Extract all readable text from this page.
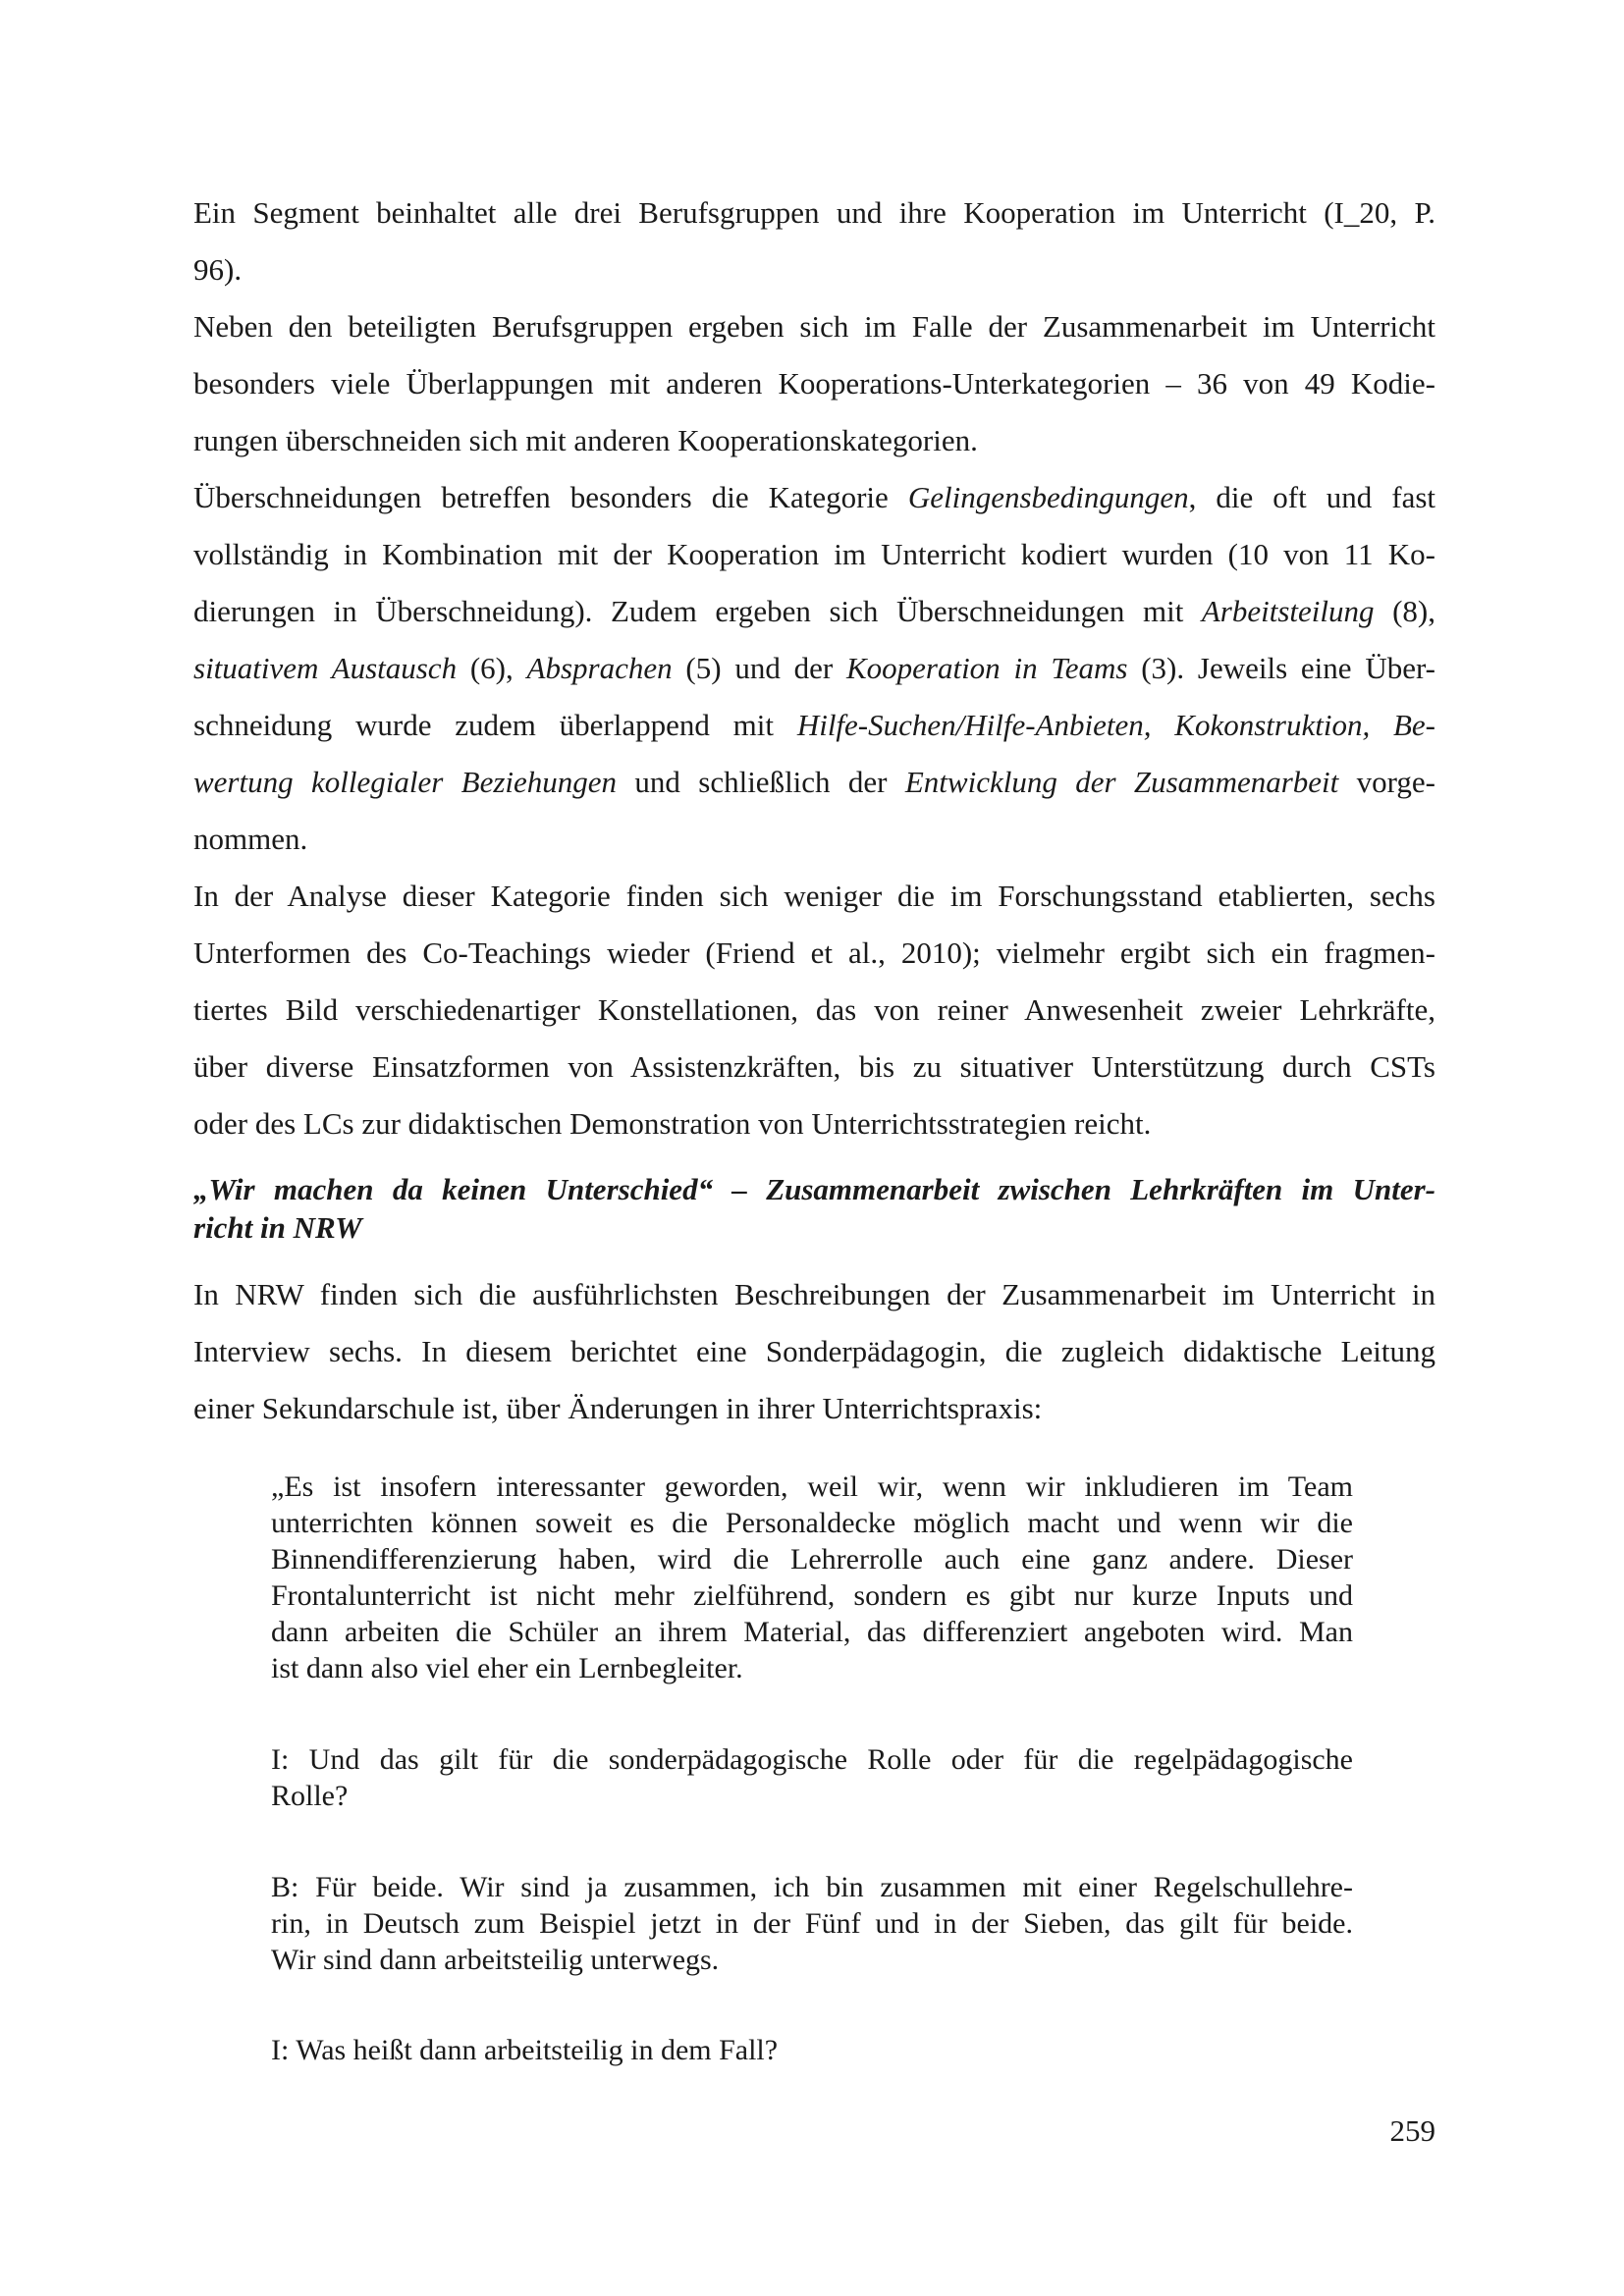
Ein Segment beinhaltet alle drei Berufsgruppen und ihre Kooperation im Unterricht (I_20, P.
96).
Neben den beteiligten Berufsgruppen ergeben sich im Falle der Zusammenarbeit im Unterricht
besonders viele Überlappungen mit anderen Kooperations-Unterkategorien – 36 von 49 Kodie-
rungen überschneiden sich mit anderen Kooperationskategorien.
Überschneidungen betreffen besonders die Kategorie Gelingensbedingungen, die oft und fast
vollständig in Kombination mit der Kooperation im Unterricht kodiert wurden (10 von 11 Ko-
dierungen in Überschneidung). Zudem ergeben sich Überschneidungen mit Arbeitsteilung (8),
situativem Austausch (6), Absprachen (5) und der Kooperation in Teams (3). Jeweils eine Über-
schneidung wurde zudem überlappend mit Hilfe-Suchen/Hilfe-Anbieten, Kokonstruktion, Be-
wertung kollegialer Beziehungen und schließlich der Entwicklung der Zusammenarbeit vorge-
nommen.
In der Analyse dieser Kategorie finden sich weniger die im Forschungsstand etablierten, sechs
Unterformen des Co-Teachings wieder (Friend et al., 2010); vielmehr ergibt sich ein fragmen-
tiertes Bild verschiedenartiger Konstellationen, das von reiner Anwesenheit zweier Lehrkräfte,
über diverse Einsatzformen von Assistenzkräften, bis zu situativer Unterstützung durch CSTs
oder des LCs zur didaktischen Demonstration von Unterrichtsstrategien reicht.
„Wir machen da keinen Unterschied“ – Zusammenarbeit zwischen Lehrkräften im Unter-
richt in NRW
In NRW finden sich die ausführlichsten Beschreibungen der Zusammenarbeit im Unterricht in
Interview sechs. In diesem berichtet eine Sonderpädagogin, die zugleich didaktische Leitung
einer Sekundarschule ist, über Änderungen in ihrer Unterrichtspraxis:
„Es ist insofern interessanter geworden, weil wir, wenn wir inkludieren im Team
unterrichten können soweit es die Personaldecke möglich macht und wenn wir die
Binnendifferenzierung haben, wird die Lehrerrolle auch eine ganz andere. Dieser
Frontalunterricht ist nicht mehr zielführend, sondern es gibt nur kurze Inputs und
dann arbeiten die Schüler an ihrem Material, das differenziert angeboten wird. Man
ist dann also viel eher ein Lernbegleiter.
I: Und das gilt für die sonderpädagogische Rolle oder für die regelpädagogische
Rolle?
B: Für beide. Wir sind ja zusammen, ich bin zusammen mit einer Regelschullehre-
rin, in Deutsch zum Beispiel jetzt in der Fünf und in der Sieben, das gilt für beide.
Wir sind dann arbeitsteilig unterwegs.
I: Was heißt dann arbeitsteilig in dem Fall?
259
